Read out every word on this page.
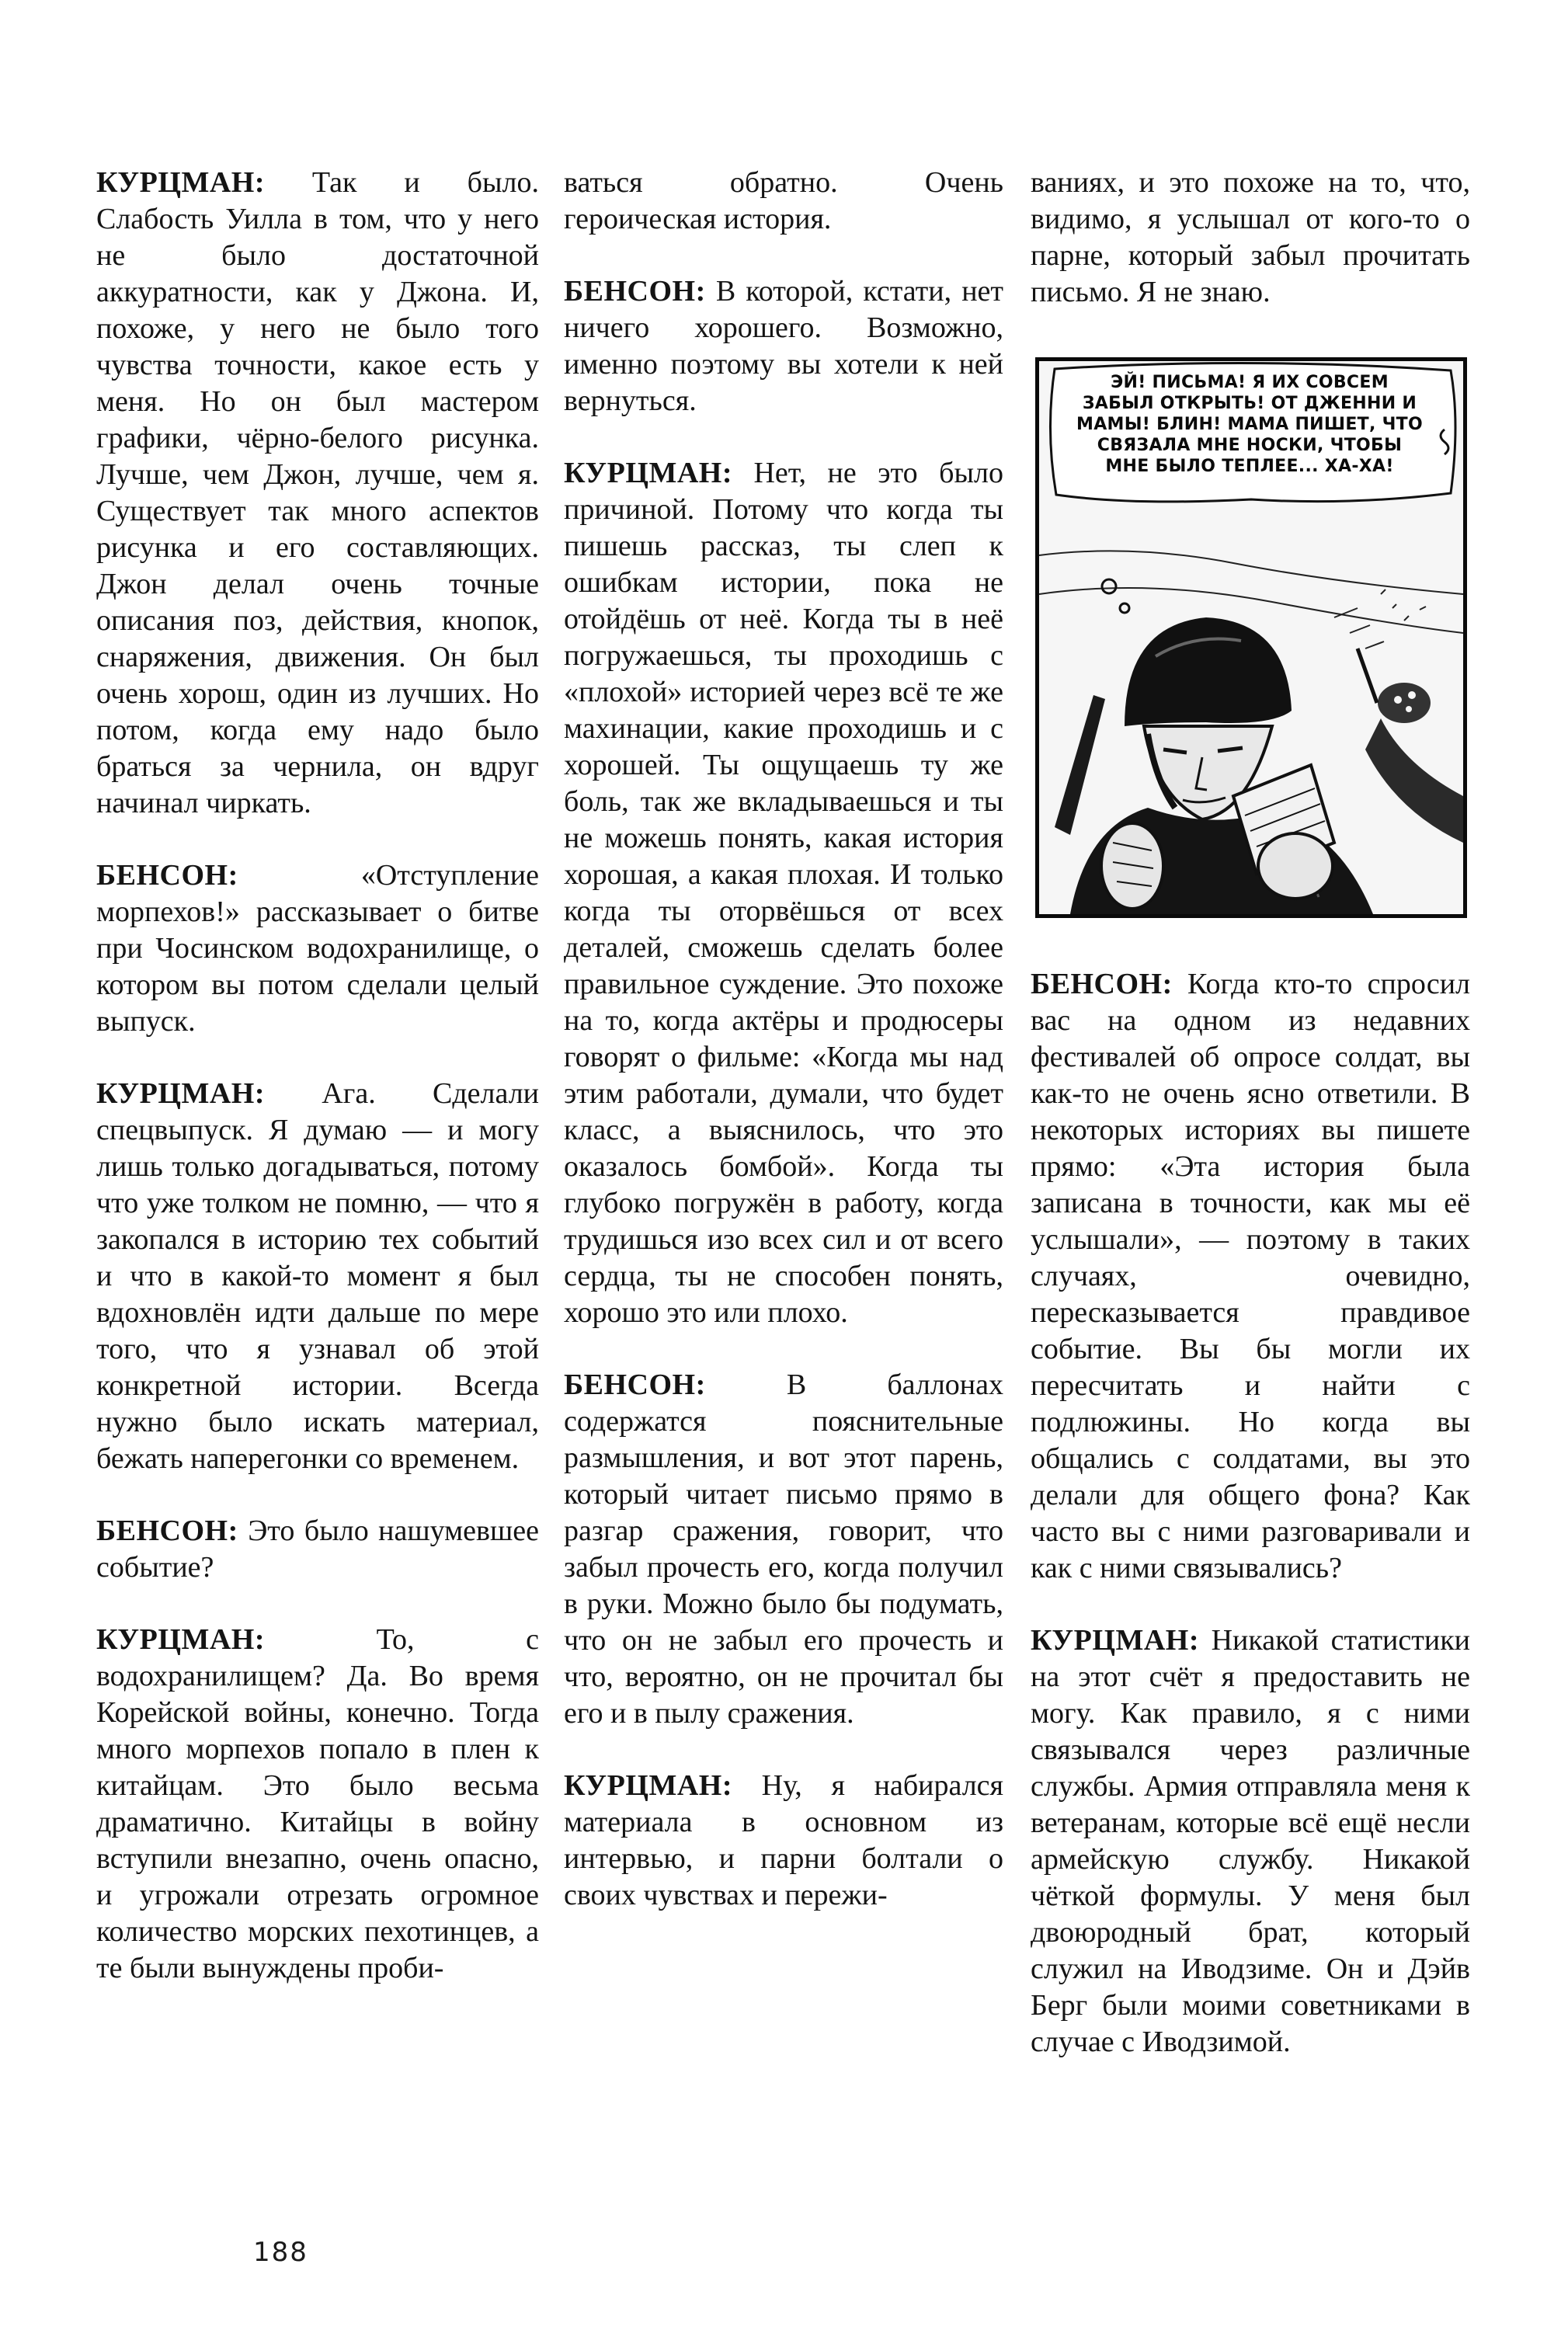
КУРЦМАН: Так и было. Слабость Уилла в том, что у него не было достаточной аккуратности, как у Джона. И, похоже, у него не было того чувства точности, какое есть у меня. Но он был мастером графики, чёрно-белого рисунка. Лучше, чем Джон, лучше, чем я. Существует так много аспектов рисунка и его составляющих. Джон делал очень точные описания поз, действия, кнопок, снаряжения, движения. Он был очень хорош, один из лучших. Но потом, когда ему надо было браться за чернила, он вдруг начинал чиркать.

БЕНСОН:	«Отступление морпехов!» рассказывает о битве при Чосинском водохранилище, о котором вы потом сделали целый выпуск.

КУРЦМАН: Ага. Сделали спецвыпуск. Я думаю — и могу лишь только догадываться, потому что уже толком не помню, — что я закопался в историю тех событий и что в какой-то момент я был вдохновлён идти дальше по мере того, что я узнавал об этой конкретной истории. Всегда нужно было искать материал, бежать наперегонки со временем.

БЕНСОН: Это было нашумевшее событие?

КУРЦМАН:	То, с водохранилищем? Да. Во время Корейской войны, конечно. Тогда много морпехов попало в плен к китайцам. Это было весьма драматично. Китайцы в войну вступили внезапно, очень опасно, и угрожали отрезать огромное количество морских пехотинцев, а те были вынуждены проби-

ваться обратно. Очень героическая история.

БЕНСОН: В которой, кстати, нет ничего хорошего. Возможно, именно поэтому вы хотели к ней вернуться.

КУРЦМАН: Нет, не это было причиной. Потому что когда ты пишешь рассказ, ты слеп к ошибкам истории, пока не отойдёшь от неё. Когда ты в неё погружаешься, ты проходишь с «плохой» историей через всё те же махинации, какие проходишь и с хорошей. Ты ощущаешь ту же боль, так же вкладываешься и ты не можешь понять, какая история хорошая, а какая плохая. И только когда ты оторвёшься от всех деталей, сможешь сделать более правильное суждение. Это похоже на то, когда актёры и продюсеры говорят о фильме: «Когда мы над этим работали, думали, что будет класс, а выяснилось, что это оказалось бомбой». Когда ты глубоко погружён в работу, когда трудишься изо всех сил и от всего сердца, ты не способен понять, хорошо это или плохо.

БЕНСОН:	В баллонах содержатся пояснительные размышления, и вот этот парень, который читает письмо прямо в разгар сражения, говорит, что забыл прочесть его, когда получил в руки. Можно было бы подумать, что он не забыл его прочесть и что, вероятно, он не прочитал бы его и в пылу сражения.

КУРЦМАН: Ну, я набирался материала в основном из интервью, и парни болтали о своих чувствах и пережи-

ваниях, и это похоже на то, что, видимо, я услышал от кого-то о парне, который забыл прочитать письмо. Я не знаю.

ЭЙ! ПИСЬМА! Я ИХ СОВСЕМ
ЗАБЫЛ ОТКРЫТЬ! ОТ ДЖЕННИ И
МАМЫ! БЛИН! МАМА ПИШЕТ, ЧТО
СВЯЗАЛА МНЕ НОСКИ, ЧТОБЫ
МНЕ БЫЛО ТЕПЛЕЕ... ХА-ХА!

БЕНСОН: Когда кто-то спросил вас на одном из недавних фестивалей об опросе солдат, вы как-то не очень ясно ответили. В некоторых историях вы пишете прямо: «Эта история была записана в точности, как мы её услышали», — поэтому в таких случаях, очевидно, пересказывается правдивое событие. Вы бы могли их пересчитать и найти с подлюжины. Но когда вы общались с солдатами, вы это делали для общего фона? Как часто вы с ними разговаривали и как с ними связывались?

КУРЦМАН: Никакой статистики на этот счёт я предоставить не могу. Как правило, я с ними связывался через различные службы. Армия отправляла меня к ветеранам, которые всё ещё несли армейскую службу. Никакой чёткой формулы. У меня был двоюродный брат, который служил на Иводзиме. Он и Дэйв Берг были моими советниками в случае с Иводзимой.

188
